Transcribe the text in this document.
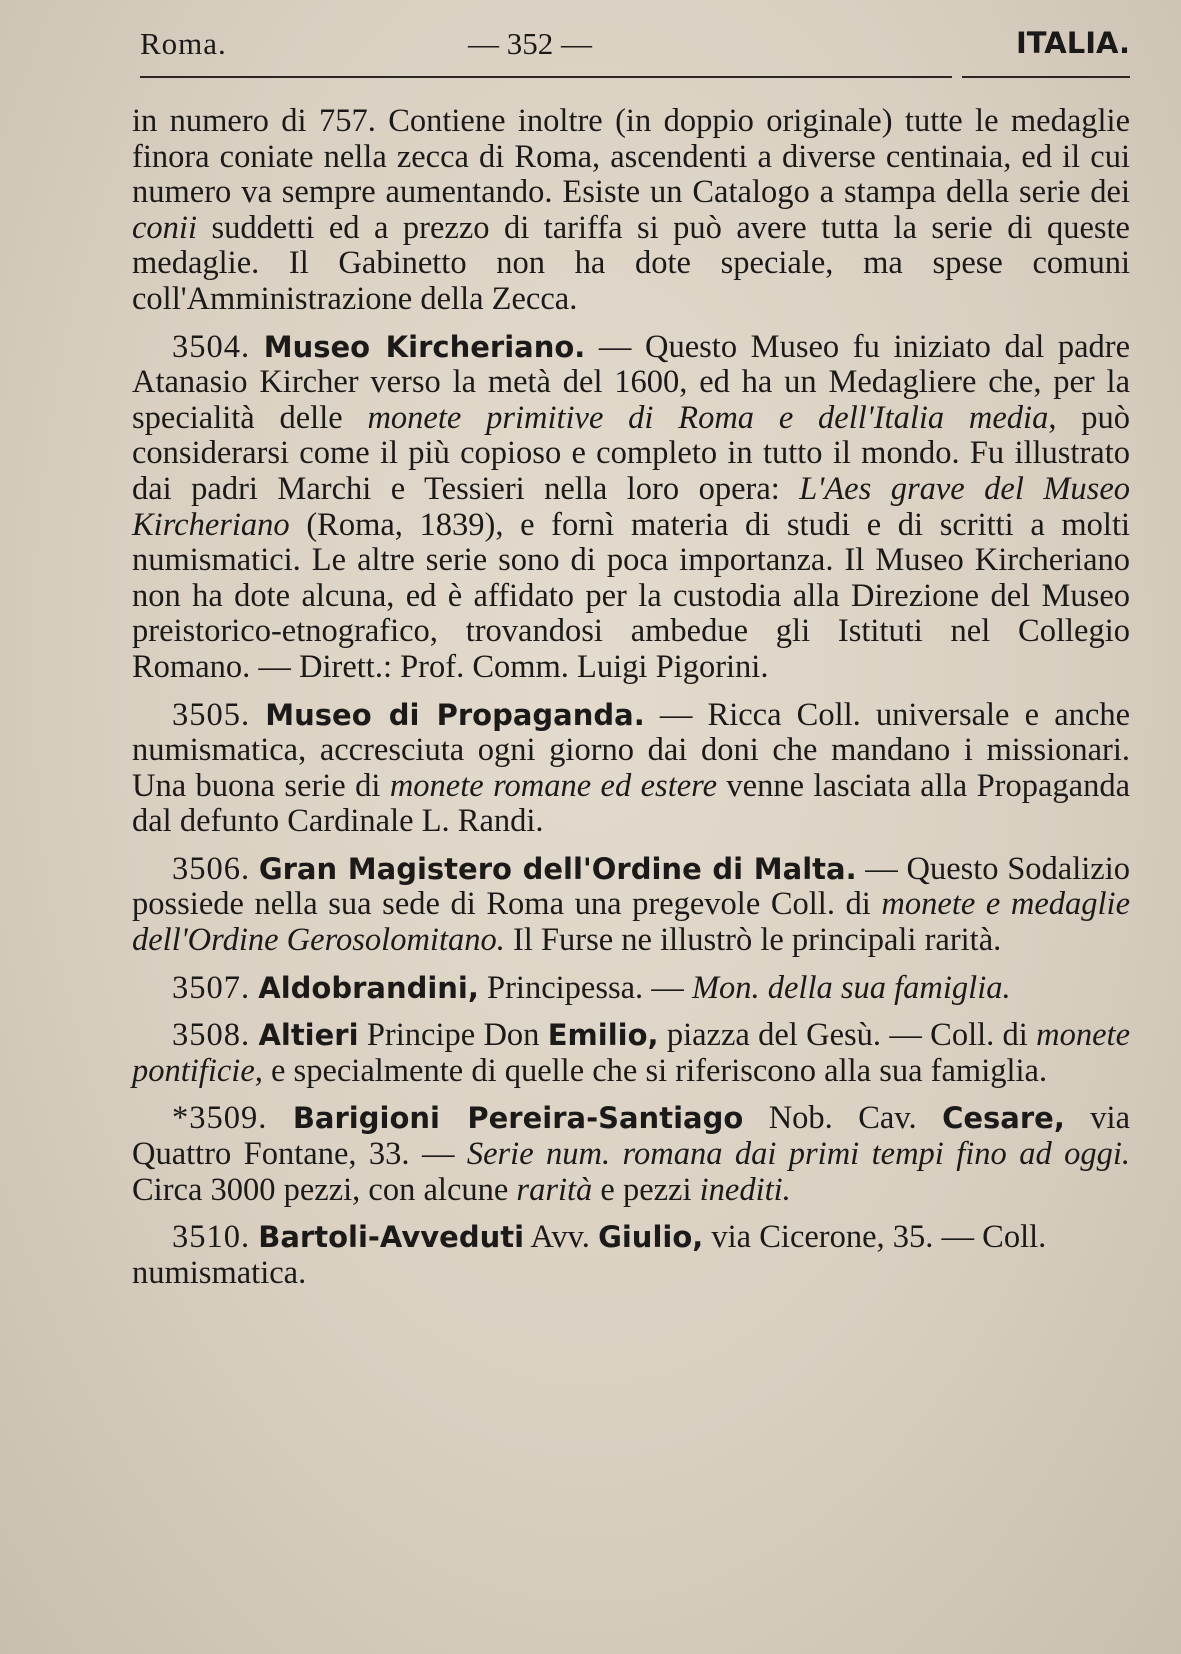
Roma.	— 352 —	ITALIA.

in numero di 757. Contiene inoltre (in doppio originale) tutte le medaglie finora coniate nella zecca di Roma, ascendenti a diverse centinaia, ed il cui numero va sempre aumentando. Esiste un Catalogo a stampa della serie dei conii suddetti ed a prezzo di tariffa si può avere tutta la serie di queste medaglie. Il Gabinetto non ha dote speciale, ma spese comuni coll'Amministrazione della Zecca.

3504. Museo Kircheriano. — Questo Museo fu iniziato dal padre Atanasio Kircher verso la metà del 1600, ed ha un Medagliere che, per la specialità delle monete primitive di Roma e dell'Italia media, può considerarsi come il più copioso e completo in tutto il mondo. Fu illustrato dai padri Marchi e Tessieri nella loro opera: L'Aes grave del Museo Kircheriano (Roma, 1839), e fornì materia di studi e di scritti a molti numismatici. Le altre serie sono di poca importanza. Il Museo Kircheriano non ha dote alcuna, ed è affidato per la custodia alla Direzione del Museo preistorico-etnografico, trovandosi ambedue gli Istituti nel Collegio Romano. — Dirett.: Prof. Comm. Luigi Pigorini.

3505. Museo di Propaganda. — Ricca Coll. universale e anche numismatica, accresciuta ogni giorno dai doni che mandano i missionari. Una buona serie di monete romane ed estere venne lasciata alla Propaganda dal defunto Cardinale L. Randi.

3506. Gran Magistero dell'Ordine di Malta. — Questo Sodalizio possiede nella sua sede di Roma una pregevole Coll. di monete e medaglie dell'Ordine Gerosolomitano. Il Furse ne illustrò le principali rarità.

3507. Aldobrandini, Principessa. — Mon. della sua famiglia.

3508. Altieri Principe Don Emilio, piazza del Gesù. — Coll. di monete pontificie, e specialmente di quelle che si riferiscono alla sua famiglia.

*3509. Barigioni Pereira-Santiago Nob. Cav. Cesare, via Quattro Fontane, 33. — Serie num. romana dai primi tempi fino ad oggi. Circa 3000 pezzi, con alcune rarità e pezzi inediti.

3510. Bartoli-Avveduti Avv. Giulio, via Cicerone, 35. — Coll. numismatica.
